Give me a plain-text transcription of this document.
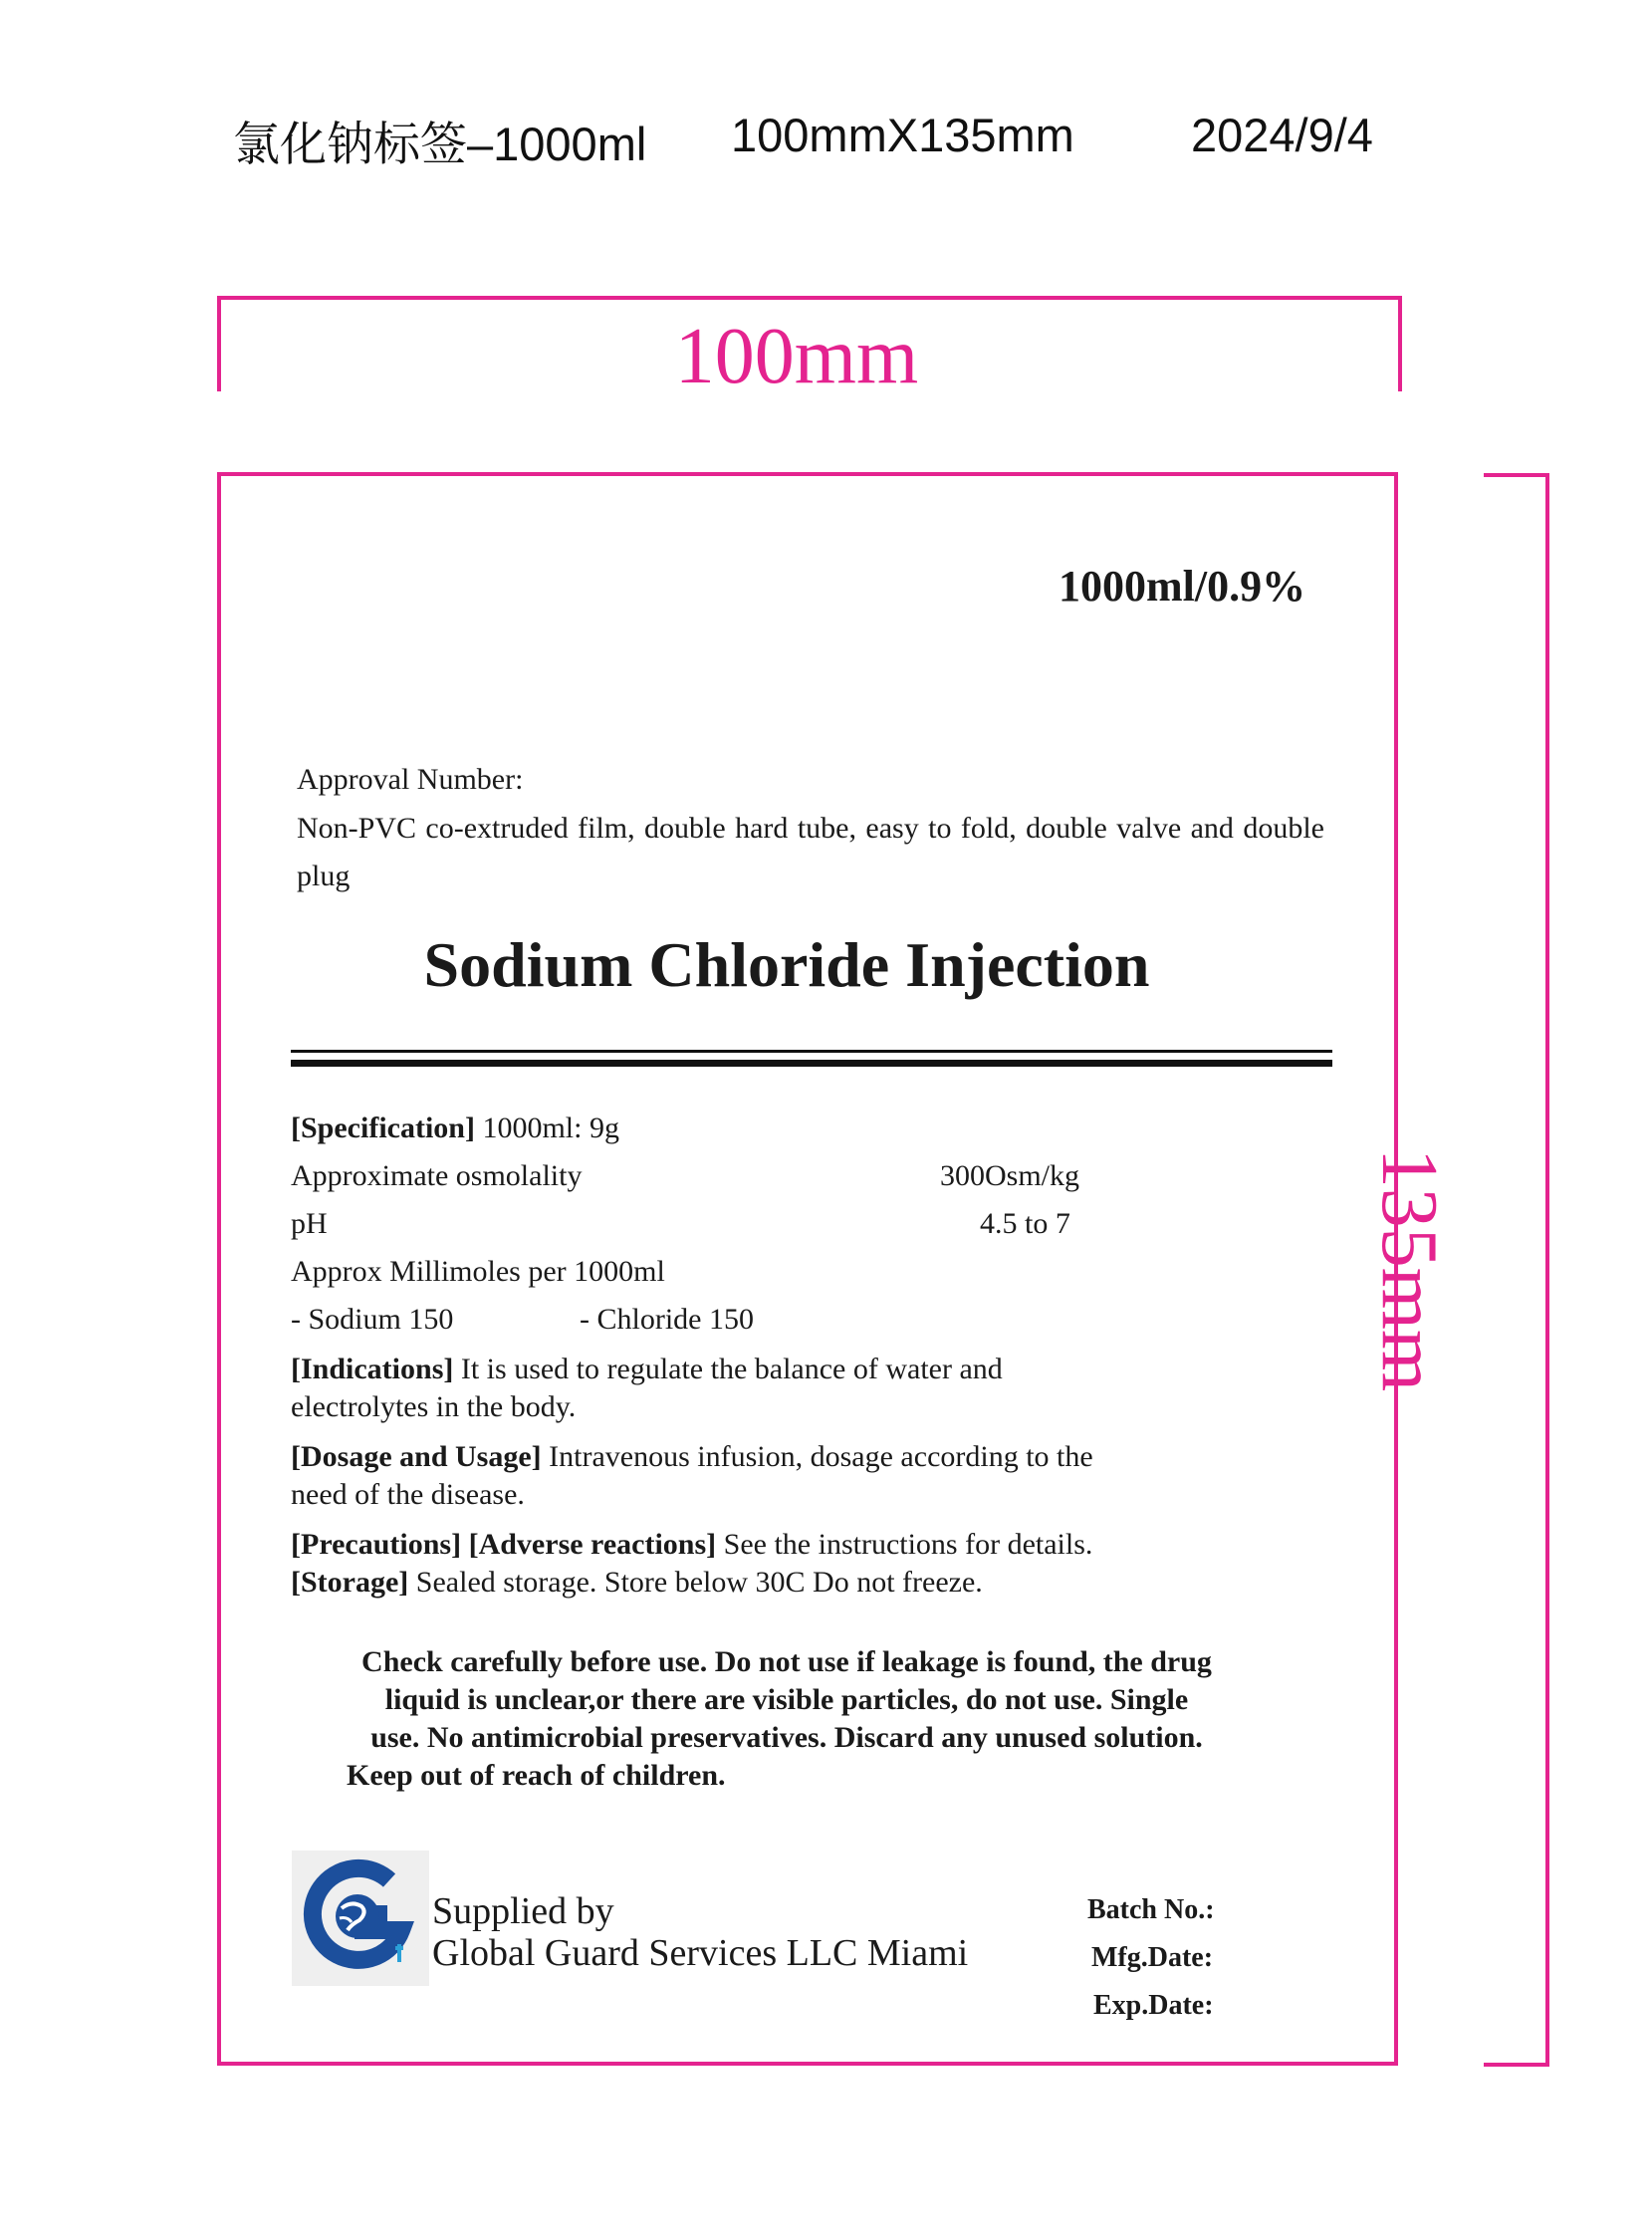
氯化钠标签–1000ml 100mmX135mm 2024/9/4
100mm
135mm
1000ml/0.9%
Approval Number:
Non-PVC co-extruded film, double hard tube, easy to fold, double valve and double plug
Sodium Chloride Injection
[Specification] 1000ml: 9g
Approximate osmolality	300Osm/kg
pH	4.5 to 7
Approx Millimoles per 1000ml
- Sodium 150	- Chloride 150
[Indications] It is used to regulate the balance of water and
electrolytes in the body.
[Dosage and Usage] Intravenous infusion, dosage according to the
need of the disease.
[Precautions] [Adverse reactions] See the instructions for details.
[Storage] Sealed storage. Store below 30C Do not freeze.
Check carefully before use. Do not use if leakage is found, the drug
liquid is unclear,or there are visible particles, do not use. Single
use. No antimicrobial preservatives. Discard any unused solution.
Keep out of reach of children.
Supplied by
Global Guard Services LLC Miami
Batch No.:
Mfg.Date:
Exp.Date:
